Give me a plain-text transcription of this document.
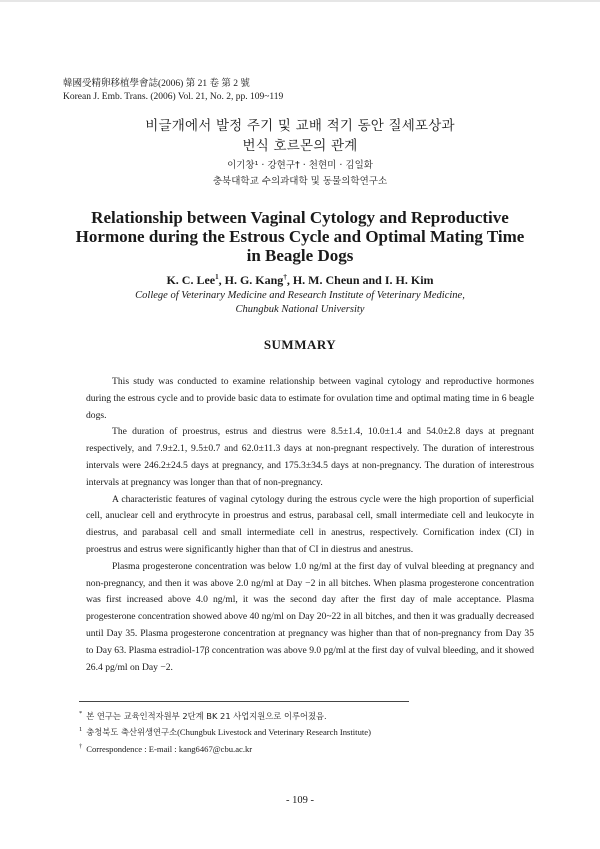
韓國受精卵移植學會誌(2006) 第 21 卷 第 2 號
Korean J. Emb. Trans. (2006) Vol. 21, No. 2, pp. 109~119
비글개에서 발정 주기 및 교배 적기 동안 질세포상과
번식 호르몬의 관계
이기창¹ · 강현구† · 천현미 · 김일화
충북대학교 수의과대학 및 동물의학연구소
Relationship between Vaginal Cytology and Reproductive
Hormone during the Estrous Cycle and Optimal Mating Time
in Beagle Dogs
K. C. Lee$^1$, H. G. Kang†, H. M. Cheun and I. H. Kim
College of Veterinary Medicine and Research Institute of Veterinary Medicine,
Chungbuk National University
SUMMARY

This study was conducted to examine relationship between vaginal cytology and reproductive hormones during the estrous cycle and to provide basic data to estimate for ovulation time and optimal mating time in 6 beagle dogs.

The duration of proestrus, estrus and diestrus were 8.5±1.4, 10.0±1.4 and 54.0±2.8 days at pregnant respectively, and 7.9±2.1, 9.5±0.7 and 62.0±11.3 days at non-pregnant respectively. The duration of interestrous intervals were 246.2±24.5 days at pregnancy, and 175.3±34.5 days at non-pregnancy. The duration of interestrous intervals at pregnancy was longer than that of non-pregnancy.

A characteristic features of vaginal cytology during the estrous cycle were the high proportion of superficial cell, anuclear cell and erythrocyte in proestrus and estrus, parabasal cell, small intermediate cell and leukocyte in diestrus, and parabasal cell and small intermediate cell in anestrus, respectively. Cornification index (CI) in proestrus and estrus were significantly higher than that of CI in diestrus and anestrus.

Plasma progesterone concentration was below 1.0 ng/ml at the first day of vulval bleeding at pregnancy and non-pregnancy, and then it was above 2.0 ng/ml at Day −2 in all bitches. When plasma progesterone concentration was first increased above 4.0 ng/ml, it was the second day after the first day of male acceptance. Plasma progesterone concentration showed above 40 ng/ml on Day 20~22 in all bitches, and then it was gradually decreased until Day 35. Plasma progesterone concentration at pregnancy was higher than that of non-pregnancy from Day 35 to Day 63. Plasma estradiol-17β concentration was above 9.0 pg/ml at the first day of vulval bleeding, and it showed 26.4 pg/ml on Day −2.

* 본 연구는 교육인적자원부 2단계 BK 21 사업지원으로 이루어졌음.
$^1$ 충청북도 축산위생연구소(Chungbuk Livestock and Veterinary Research Institute)
† Correspondence : E-mail : kang6467@cbu.ac.kr
- 109 -
